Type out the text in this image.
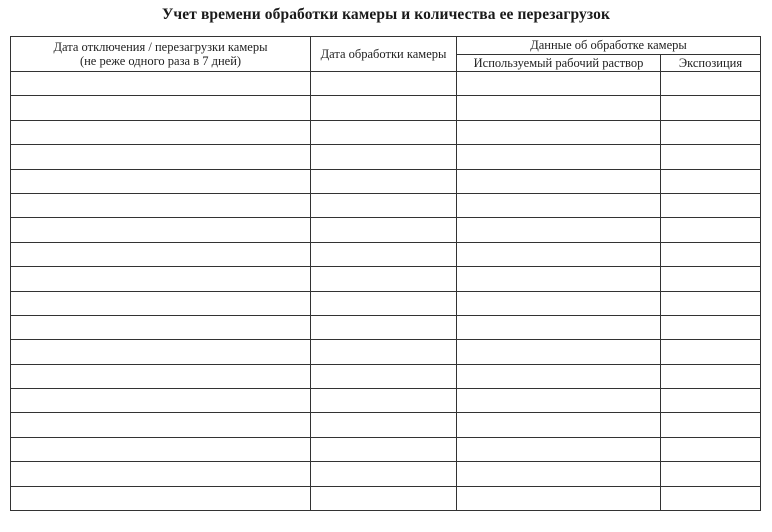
Учет времени обработки камеры и количества ее перезагрузок
Дата отключения / перезагрузки камеры
(не реже одного раза в 7 дней)	Дата обработки камеры	Данные об обработке камеры	
		Используемый рабочий раствор	Экспозиция
